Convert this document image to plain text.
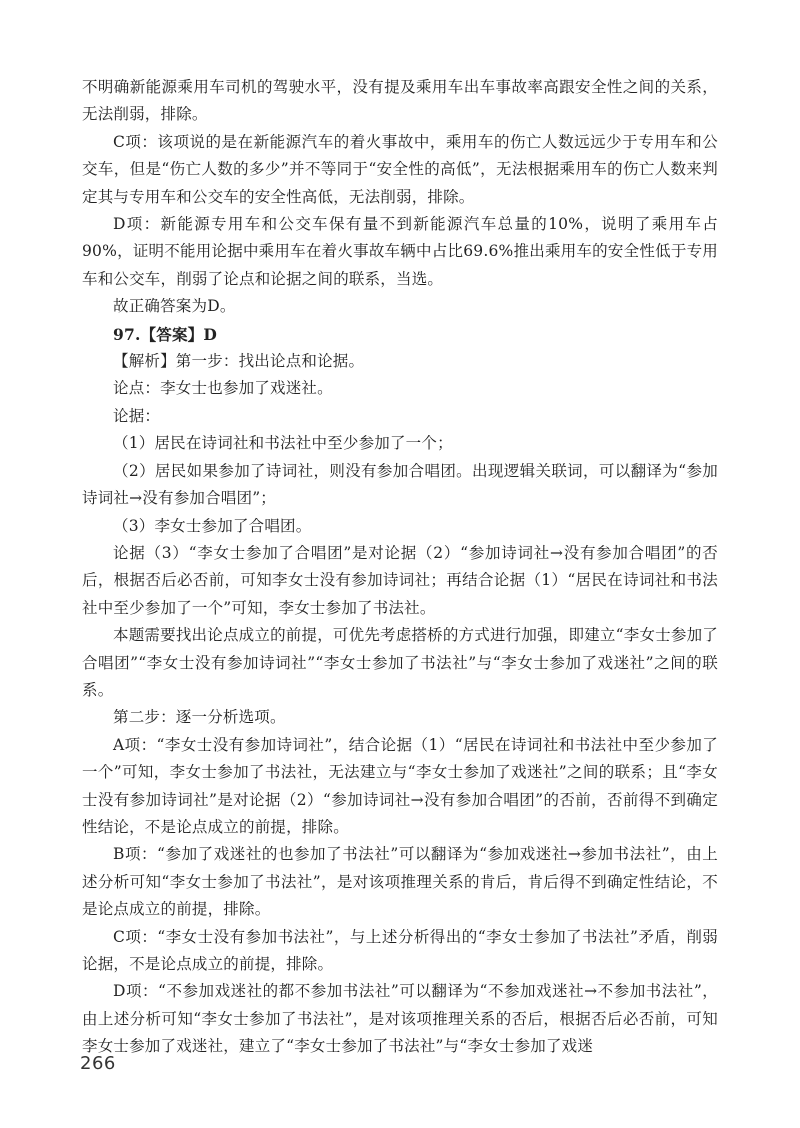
不明确新能源乘用车司机的驾驶水平，没有提及乘用车出车事故率高跟安全性之间的关系，无法削弱，排除。

C项：该项说的是在新能源汽车的着火事故中，乘用车的伤亡人数远远少于专用车和公交车，但是“伤亡人数的多少”并不等同于“安全性的高低”，无法根据乘用车的伤亡人数来判定其与专用车和公交车的安全性高低，无法削弱，排除。

D项：新能源专用车和公交车保有量不到新能源汽车总量的10%，说明了乘用车占90%，证明不能用论据中乘用车在着火事故车辆中占比69.6%推出乘用车的安全性低于专用车和公交车，削弱了论点和论据之间的联系，当选。

故正确答案为D。

97.【答案】D

【解析】第一步：找出论点和论据。

论点：李女士也参加了戏迷社。

论据：

（1）居民在诗词社和书法社中至少参加了一个；

（2）居民如果参加了诗词社，则没有参加合唱团。出现逻辑关联词，可以翻译为“参加诗词社→没有参加合唱团”；

（3）李女士参加了合唱团。

论据（3）“李女士参加了合唱团”是对论据（2）“参加诗词社→没有参加合唱团”的否后，根据否后必否前，可知李女士没有参加诗词社；再结合论据（1）“居民在诗词社和书法社中至少参加了一个”可知，李女士参加了书法社。

本题需要找出论点成立的前提，可优先考虑搭桥的方式进行加强，即建立“李女士参加了合唱团”“李女士没有参加诗词社”“李女士参加了书法社”与“李女士参加了戏迷社”之间的联系。

第二步：逐一分析选项。

A项：“李女士没有参加诗词社”，结合论据（1）“居民在诗词社和书法社中至少参加了一个”可知，李女士参加了书法社，无法建立与“李女士参加了戏迷社”之间的联系；且“李女士没有参加诗词社”是对论据（2）“参加诗词社→没有参加合唱团”的否前，否前得不到确定性结论，不是论点成立的前提，排除。

B项：“参加了戏迷社的也参加了书法社”可以翻译为“参加戏迷社→参加书法社”，由上述分析可知“李女士参加了书法社”，是对该项推理关系的肯后，肯后得不到确定性结论，不是论点成立的前提，排除。

C项：“李女士没有参加书法社”，与上述分析得出的“李女士参加了书法社”矛盾，削弱论据，不是论点成立的前提，排除。

D项：“不参加戏迷社的都不参加书法社”可以翻译为“不参加戏迷社→不参加书法社”，由上述分析可知“李女士参加了书法社”，是对该项推理关系的否后，根据否后必否前，可知李女士参加了戏迷社，建立了“李女士参加了书法社”与“李女士参加了戏迷

266
